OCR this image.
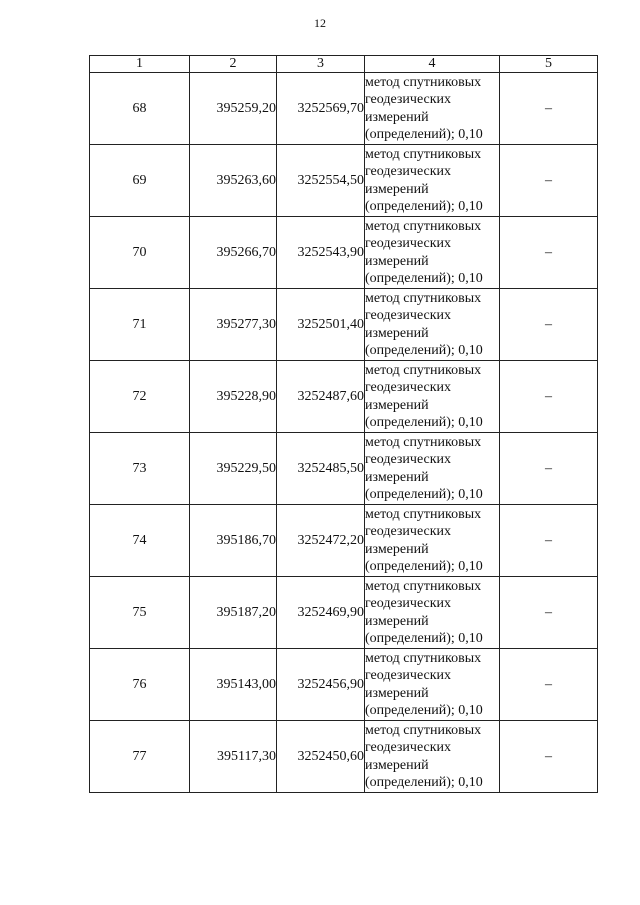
12
1	2	3	4	5
68	395259,20	3252569,70	метод спутниковых
геодезических
измерений
(определений); 0,10	–
69	395263,60	3252554,50	метод спутниковых
геодезических
измерений
(определений); 0,10	–
70	395266,70	3252543,90	метод спутниковых
геодезических
измерений
(определений); 0,10	–
71	395277,30	3252501,40	метод спутниковых
геодезических
измерений
(определений); 0,10	–
72	395228,90	3252487,60	метод спутниковых
геодезических
измерений
(определений); 0,10	–
73	395229,50	3252485,50	метод спутниковых
геодезических
измерений
(определений); 0,10	–
74	395186,70	3252472,20	метод спутниковых
геодезических
измерений
(определений); 0,10	–
75	395187,20	3252469,90	метод спутниковых
геодезических
измерений
(определений); 0,10	–
76	395143,00	3252456,90	метод спутниковых
геодезических
измерений
(определений); 0,10	–
77	395117,30	3252450,60	метод спутниковых
геодезических
измерений
(определений); 0,10	–
